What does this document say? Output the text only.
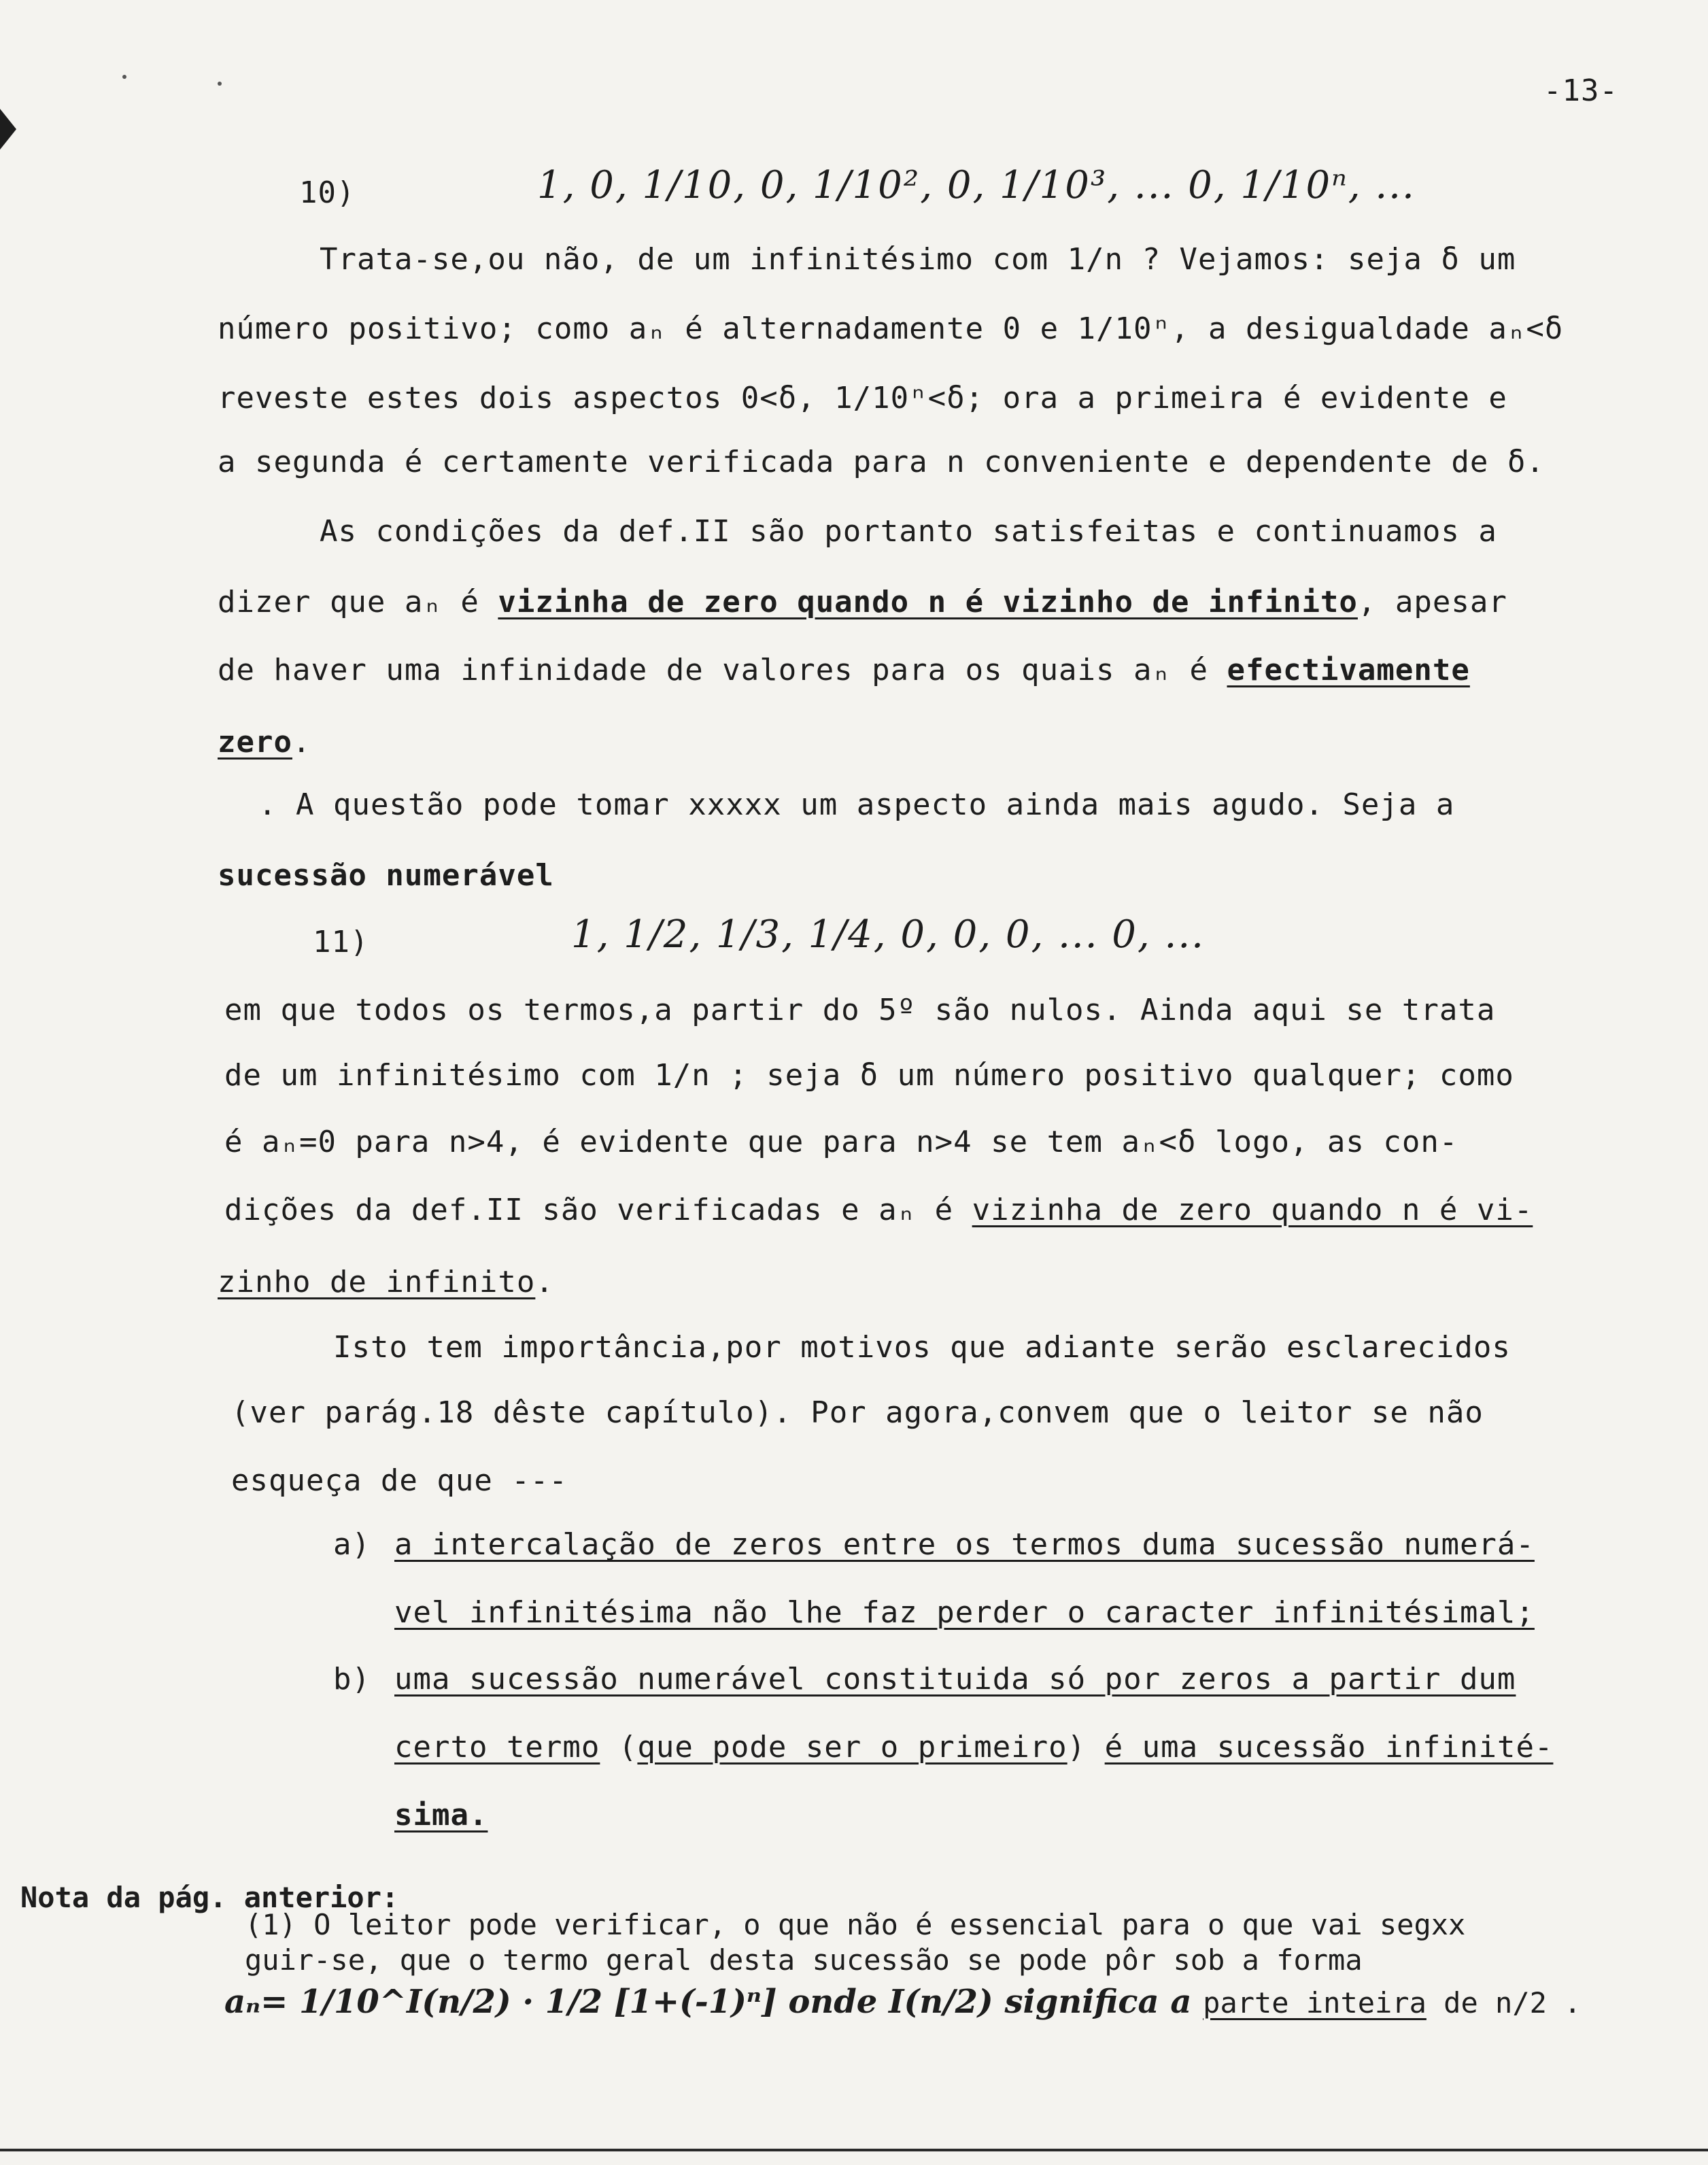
-13-
10)	1, 0, 1/10, 0, 1/10², 0, 1/10³, ... 0, 1/10ⁿ, ...
Trata-se,ou não, de um infinitésimo com 1/n ? Vejamos: seja δ um
número positivo; como aₙ é alternadamente 0 e 1/10ⁿ, a desigualdade aₙ<δ
reveste estes dois aspectos 0<δ, 1/10ⁿ<δ; ora a primeira é evidente e
a segunda é certamente verificada para n conveniente e dependente de δ.
As condições da def.II são portanto satisfeitas e continuamos a
dizer que aₙ é vizinha de zero quando n é vizinho de infinito, apesar
de haver uma infinidade de valores para os quais aₙ é efectivamente
zero.
. A questão pode tomar xxxxx um aspecto ainda mais agudo. Seja a
sucessão numerável
11)	1, 1/2, 1/3, 1/4, 0, 0, 0, ... 0, ...
em que todos os termos,a partir do 5º são nulos. Ainda aqui se trata
de um infinitésimo com 1/n ; seja δ um número positivo qualquer; como
é aₙ=0 para n>4, é evidente que para n>4 se tem aₙ<δ logo, as con-
dições da def.II são verificadas e aₙ é vizinha de zero quando n é vi-
zinho de infinito.
Isto tem importância,por motivos que adiante serão esclarecidos
(ver parág.18 dêste capítulo). Por agora,convem que o leitor se não
esqueça de que ---
a) a intercalação de zeros entre os termos duma sucessão numerá-
vel infinitésima não lhe faz perder o caracter infinitésimal;
b) uma sucessão numerável constituida só por zeros a partir dum
certo termo (que pode ser o primeiro) é uma sucessão infinité-
sima.
Nota da pág. anterior:
(1) O leitor pode verificar, o que não é essencial para o que vai segxx
guir-se, que o termo geral desta sucessão se pode pôr sob a forma
aₙ= 1/10^I(n/2) · 1/2 [1+(-1)ⁿ] onde I(n/2) significa a parte inteira de n/2 .
